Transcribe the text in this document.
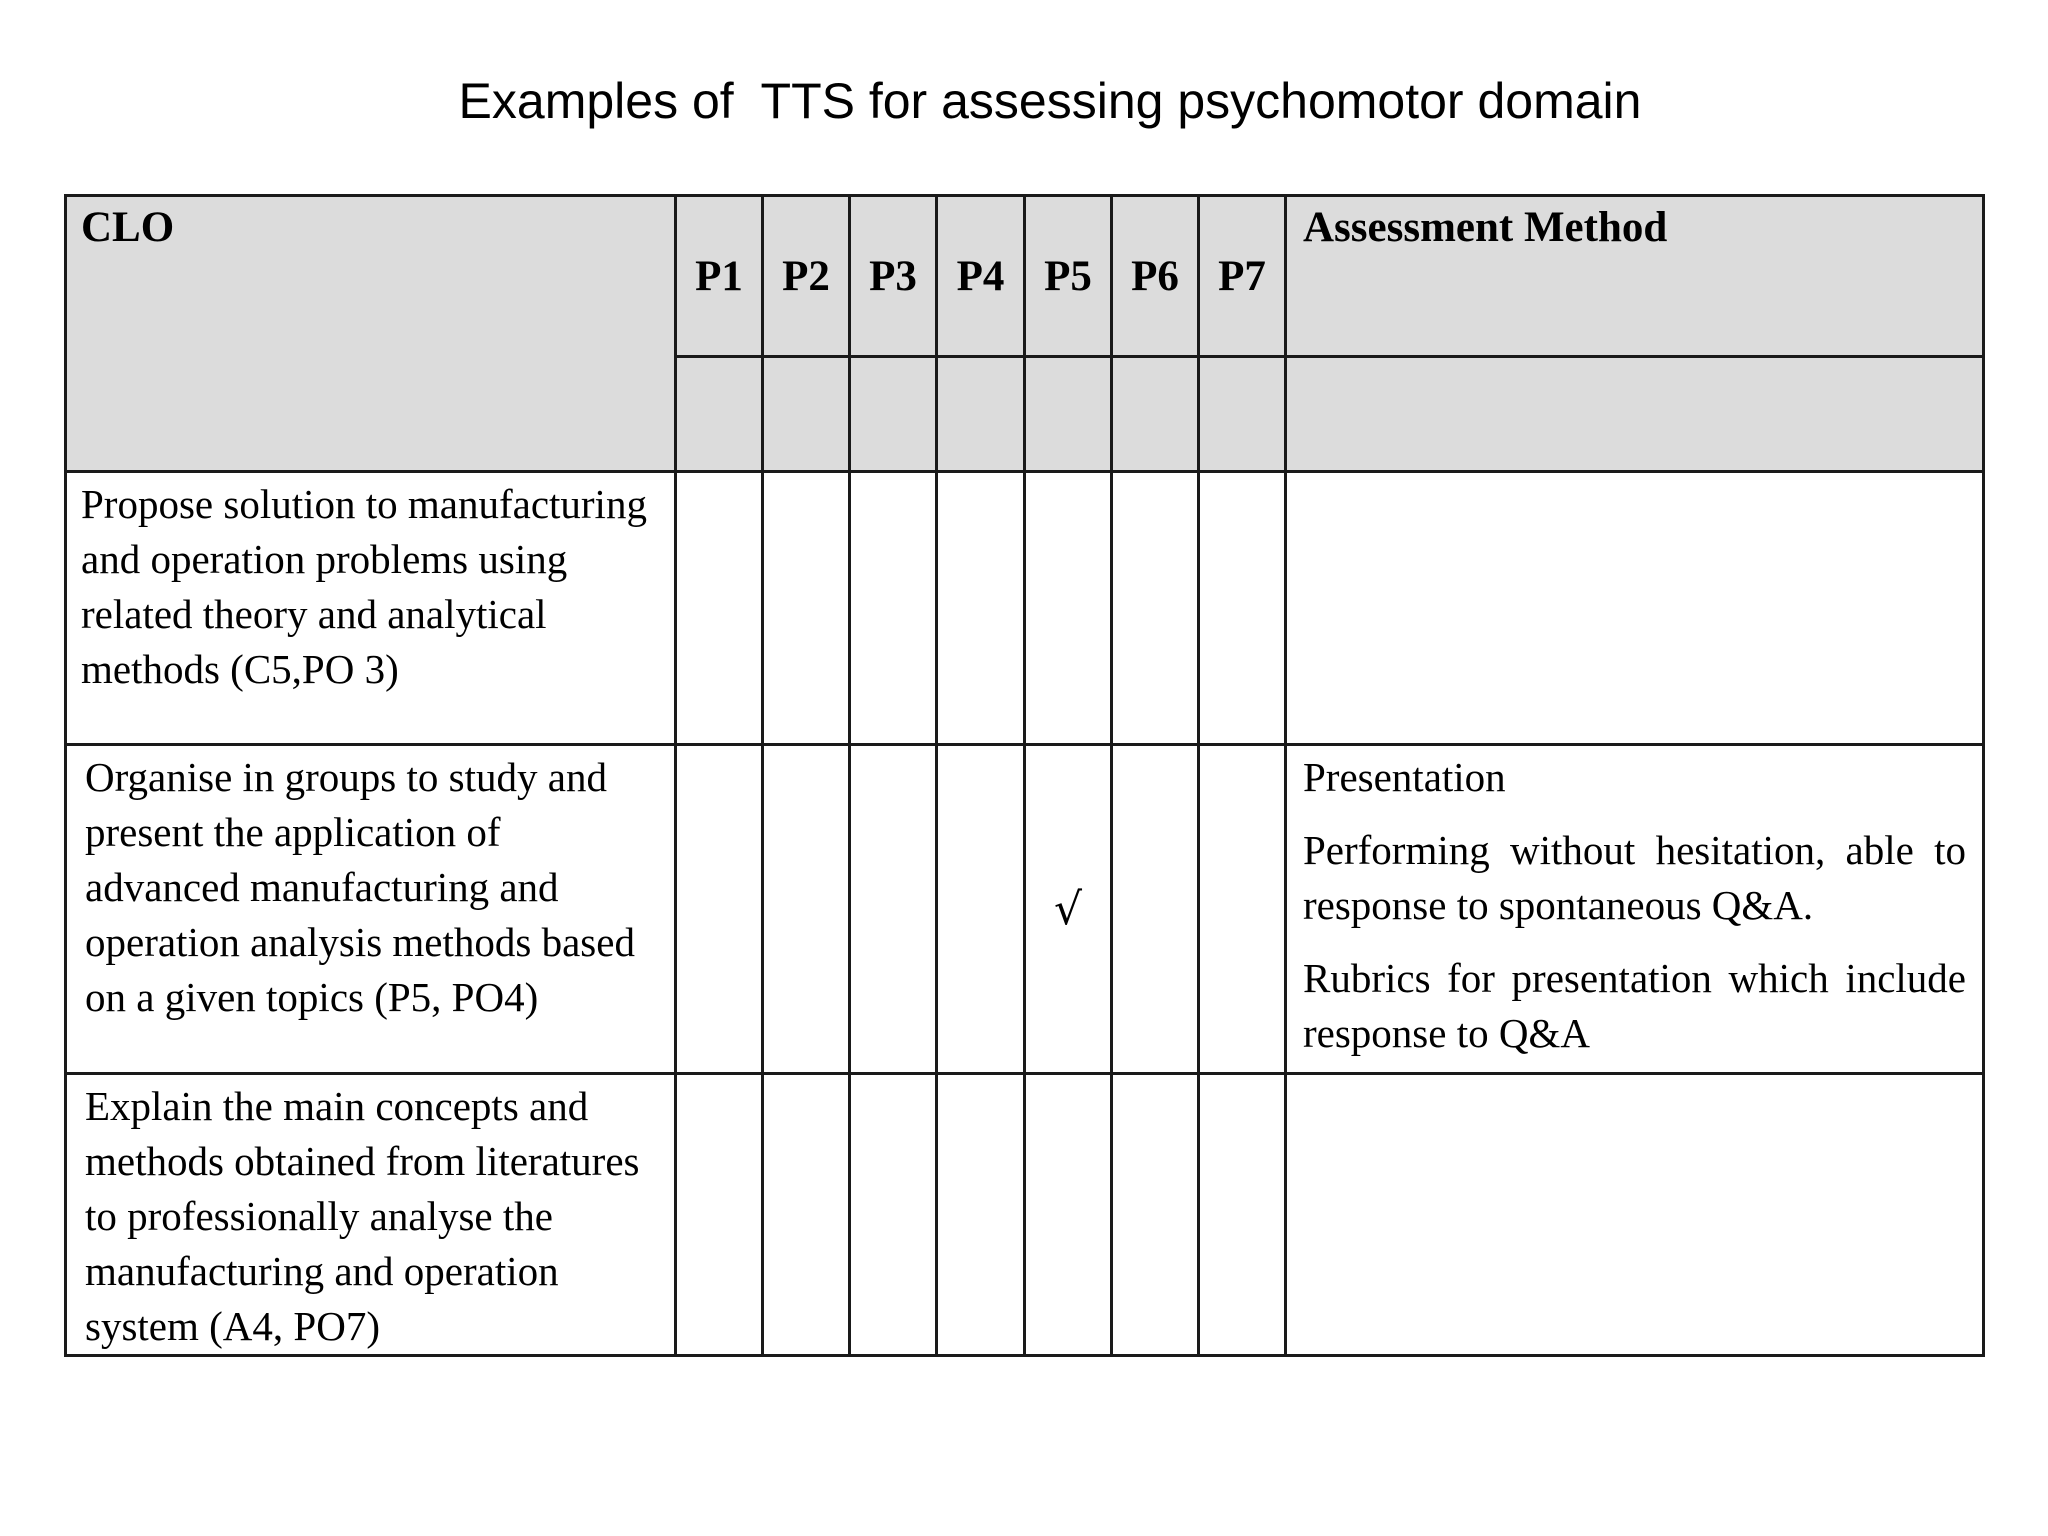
Examples of  TTS for assessing psychomotor domain
CLO	P1	P2	P3	P4	P5	P6	P7	Assessment Method

Propose solution to manufacturing and operation problems using related theory and analytical methods (C5,PO 3)								
Organise in groups to study and present the application of advanced manufacturing and operation analysis methods based on a given topics (P5, PO4)					√			Presentation

Performing without hesitation, able to response to spontaneous Q&A.

Rubrics for presentation which include response to Q&A

Explain the main concepts and methods obtained from literatures to professionally analyse the manufacturing and operation system (A4, PO7)								
